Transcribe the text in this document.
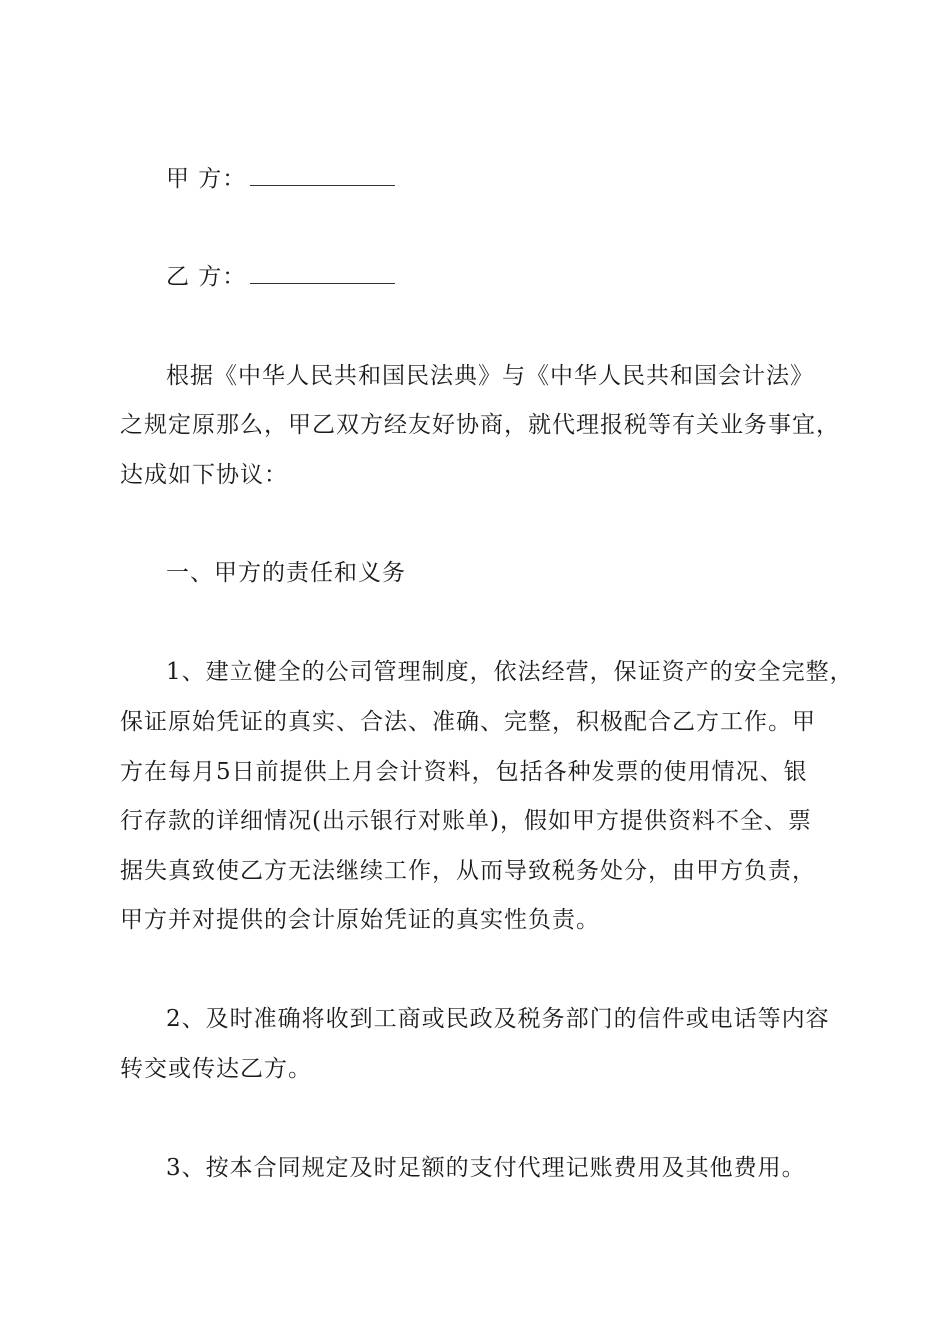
甲 方：
乙 方：
根据《中华人民共和国民法典》与《中华人民共和国会计法》
之规定原那么，甲乙双方经友好协商，就代理报税等有关业务事宜，
达成如下协议：
一、甲方的责任和义务
1、建立健全的公司管理制度，依法经营，保证资产的安全完整，
保证原始凭证的真实、合法、准确、完整，积极配合乙方工作。甲
方在每月5日前提供上月会计资料，包括各种发票的使用情况、银
行存款的详细情况(出示银行对账单)，假如甲方提供资料不全、票
据失真致使乙方无法继续工作，从而导致税务处分，由甲方负责，
甲方并对提供的会计原始凭证的真实性负责。
2、及时准确将收到工商或民政及税务部门的信件或电话等内容
转交或传达乙方。
3、按本合同规定及时足额的支付代理记账费用及其他费用。
